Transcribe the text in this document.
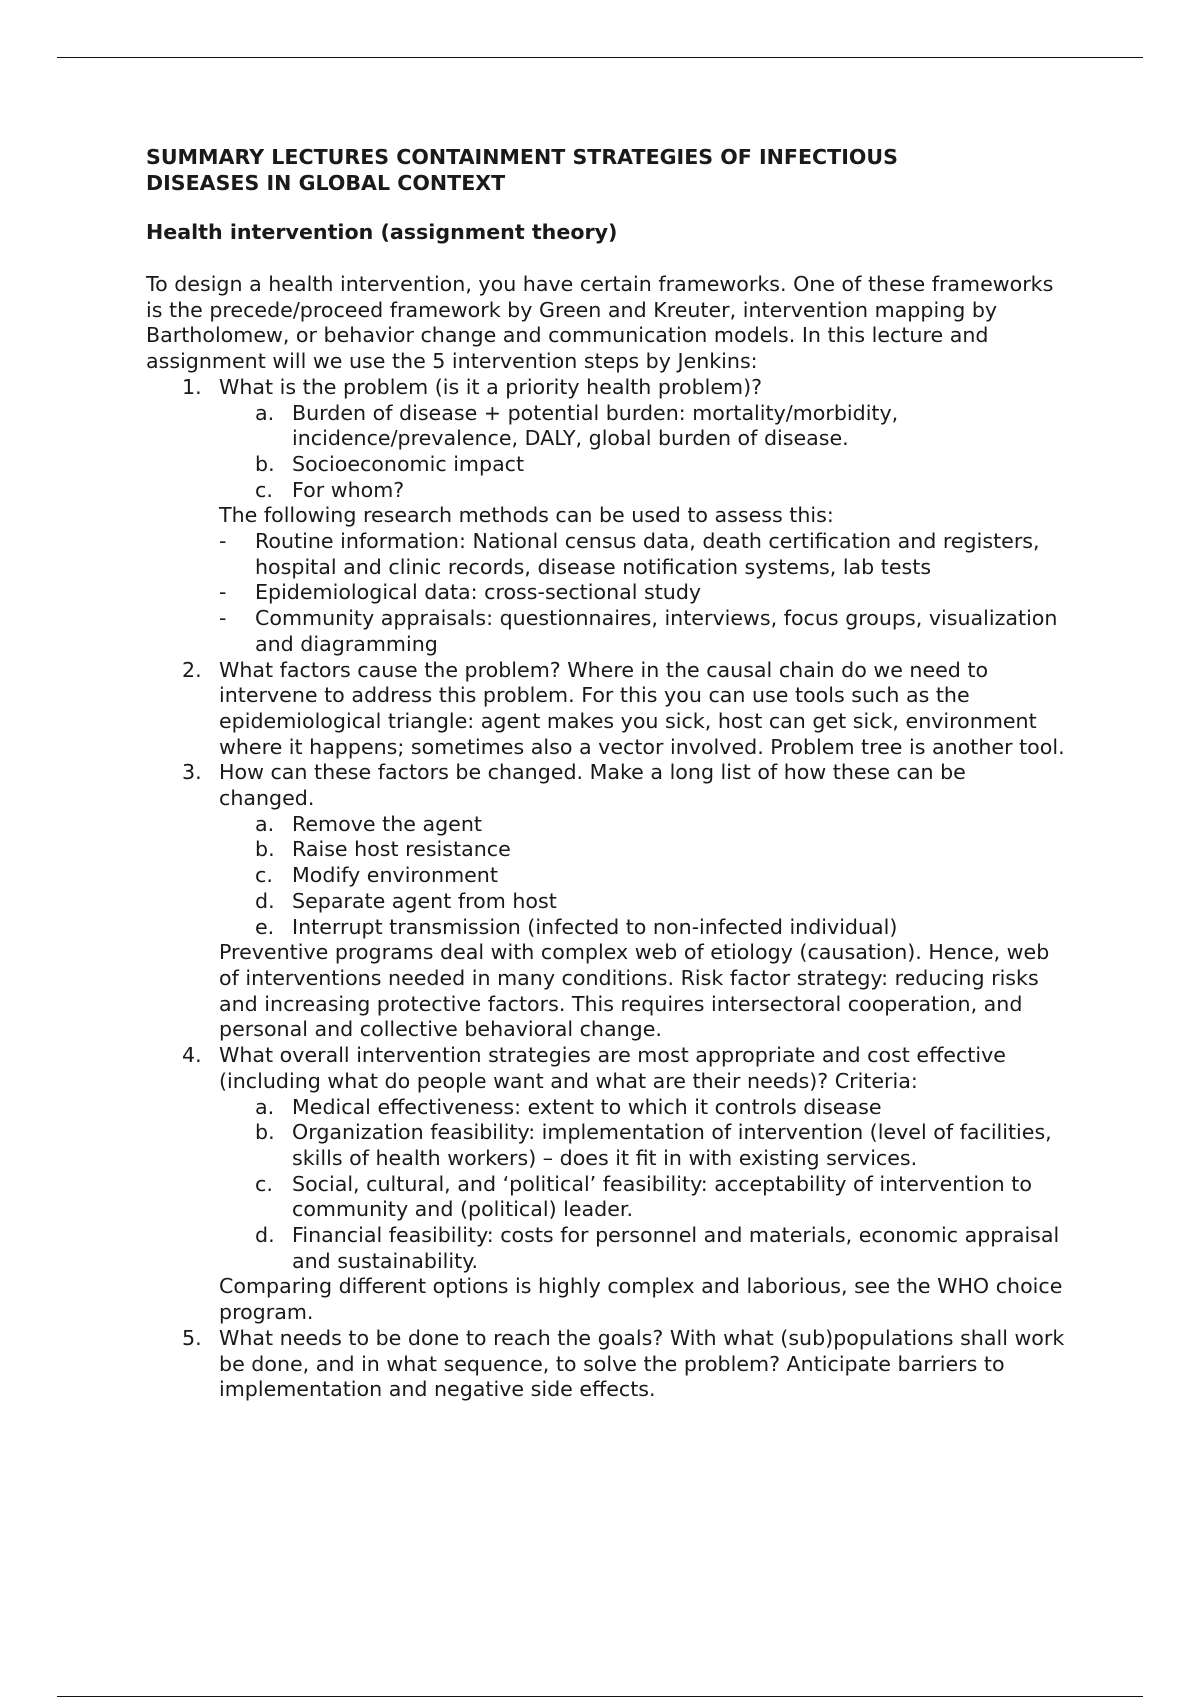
SUMMARY LECTURES CONTAINMENT STRATEGIES OF INFECTIOUS
DISEASES IN GLOBAL CONTEXT

Health intervention (assignment theory)

To design a health intervention, you have certain frameworks. One of these frameworks is the precede/proceed framework by Green and Kreuter, intervention mapping by Bartholomew, or behavior change and communication models. In this lecture and assignment will we use the 5 intervention steps by Jenkins:

1. What is the problem (is it a priority health problem)?
a. Burden of disease + potential burden: mortality/morbidity, incidence/prevalence, DALY, global burden of disease.
b. Socioeconomic impact
c. For whom?
The following research methods can be used to assess this:
-	Routine information: National census data, death certification and registers, hospital and clinic records, disease notification systems, lab tests
-	Epidemiological data: cross-sectional study
-	Community appraisals: questionnaires, interviews, focus groups, visualization and diagramming
2. What factors cause the problem? Where in the causal chain do we need to intervene to address this problem. For this you can use tools such as the epidemiological triangle: agent makes you sick, host can get sick, environment where it happens; sometimes also a vector involved. Problem tree is another tool.
3. How can these factors be changed. Make a long list of how these can be changed.
a. Remove the agent
b. Raise host resistance
c. Modify environment
d. Separate agent from host
e. Interrupt transmission (infected to non-infected individual)
Preventive programs deal with complex web of etiology (causation). Hence, web of interventions needed in many conditions. Risk factor strategy: reducing risks and increasing protective factors. This requires intersectoral cooperation, and personal and collective behavioral change.
4. What overall intervention strategies are most appropriate and cost effective (including what do people want and what are their needs)? Criteria:
a. Medical effectiveness: extent to which it controls disease
b. Organization feasibility: implementation of intervention (level of facilities, skills of health workers) – does it fit in with existing services.
c. Social, cultural, and ‘political’ feasibility: acceptability of intervention to community and (political) leader.
d. Financial feasibility: costs for personnel and materials, economic appraisal and sustainability.
Comparing different options is highly complex and laborious, see the WHO choice program.
5. What needs to be done to reach the goals? With what (sub)populations shall work be done, and in what sequence, to solve the problem? Anticipate barriers to implementation and negative side effects.
